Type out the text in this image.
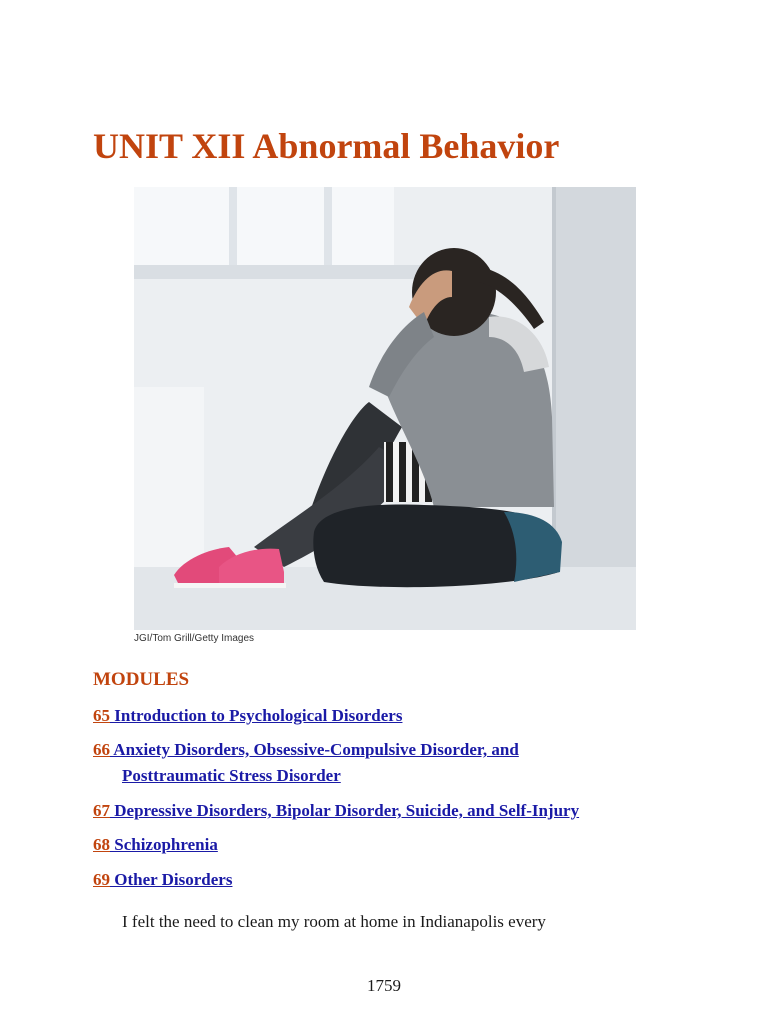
UNIT XII Abnormal Behavior
JGI/Tom Grill/Getty Images
MODULES
65 Introduction to Psychological Disorders
66 Anxiety Disorders, Obsessive-Compulsive Disorder, and
Posttraumatic Stress Disorder
67 Depressive Disorders, Bipolar Disorder, Suicide, and Self-Injury
68 Schizophrenia
69 Other Disorders
I felt the need to clean my room at home in Indianapolis every
1759
